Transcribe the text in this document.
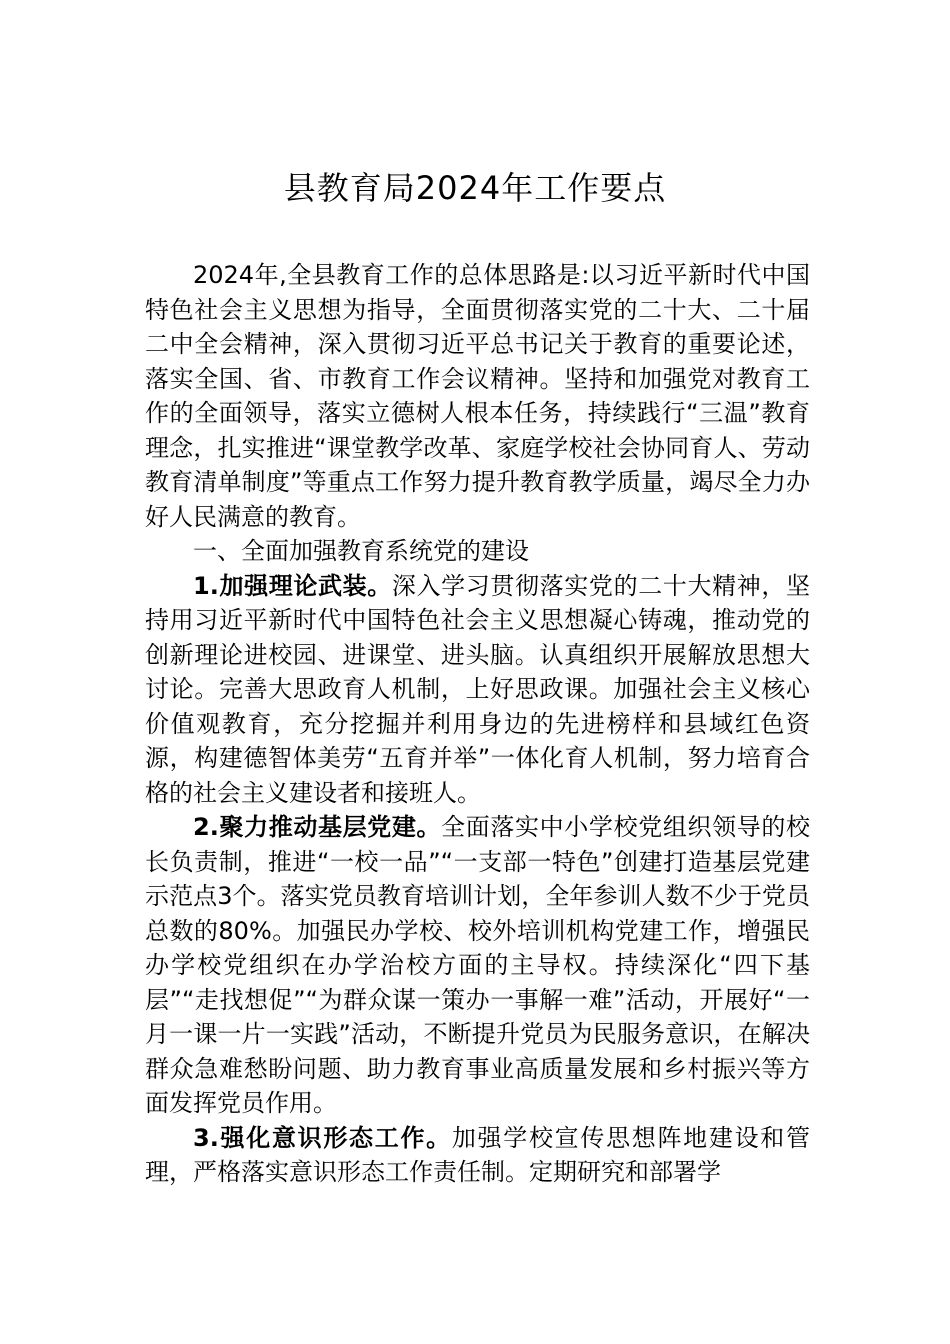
县教育局2024年工作要点

2024年,全县教育工作的总体思路是:以习近平新时代中国特色社会主义思想为指导，全面贯彻落实党的二十大、二十届二中全会精神，深入贯彻习近平总书记关于教育的重要论述，落实全国、省、市教育工作会议精神。坚持和加强党对教育工作的全面领导，落实立德树人根本任务，持续践行“三温”教育理念，扎实推进“课堂教学改革、家庭学校社会协同育人、劳动教育清单制度”等重点工作努力提升教育教学质量，竭尽全力办好人民满意的教育。

一、全面加强教育系统党的建设

1.加强理论武装。深入学习贯彻落实党的二十大精神，坚持用习近平新时代中国特色社会主义思想凝心铸魂，推动党的创新理论进校园、进课堂、进头脑。认真组织开展解放思想大讨论。完善大思政育人机制，上好思政课。加强社会主义核心价值观教育，充分挖掘并利用身边的先进榜样和县域红色资源，构建德智体美劳“五育并举”一体化育人机制，努力培育合格的社会主义建设者和接班人。

2.聚力推动基层党建。全面落实中小学校党组织领导的校长负责制，推进“一校一品”“一支部一特色”创建打造基层党建示范点3个。落实党员教育培训计划，全年参训人数不少于党员总数的80%。加强民办学校、校外培训机构党建工作，增强民办学校党组织在办学治校方面的主导权。持续深化“四下基层”“走找想促”“为群众谋一策办一事解一难”活动，开展好“一月一课一片一实践”活动，不断提升党员为民服务意识，在解决群众急难愁盼问题、助力教育事业高质量发展和乡村振兴等方面发挥党员作用。

3.强化意识形态工作。加强学校宣传思想阵地建设和管理，严格落实意识形态工作责任制。定期研究和部署学
